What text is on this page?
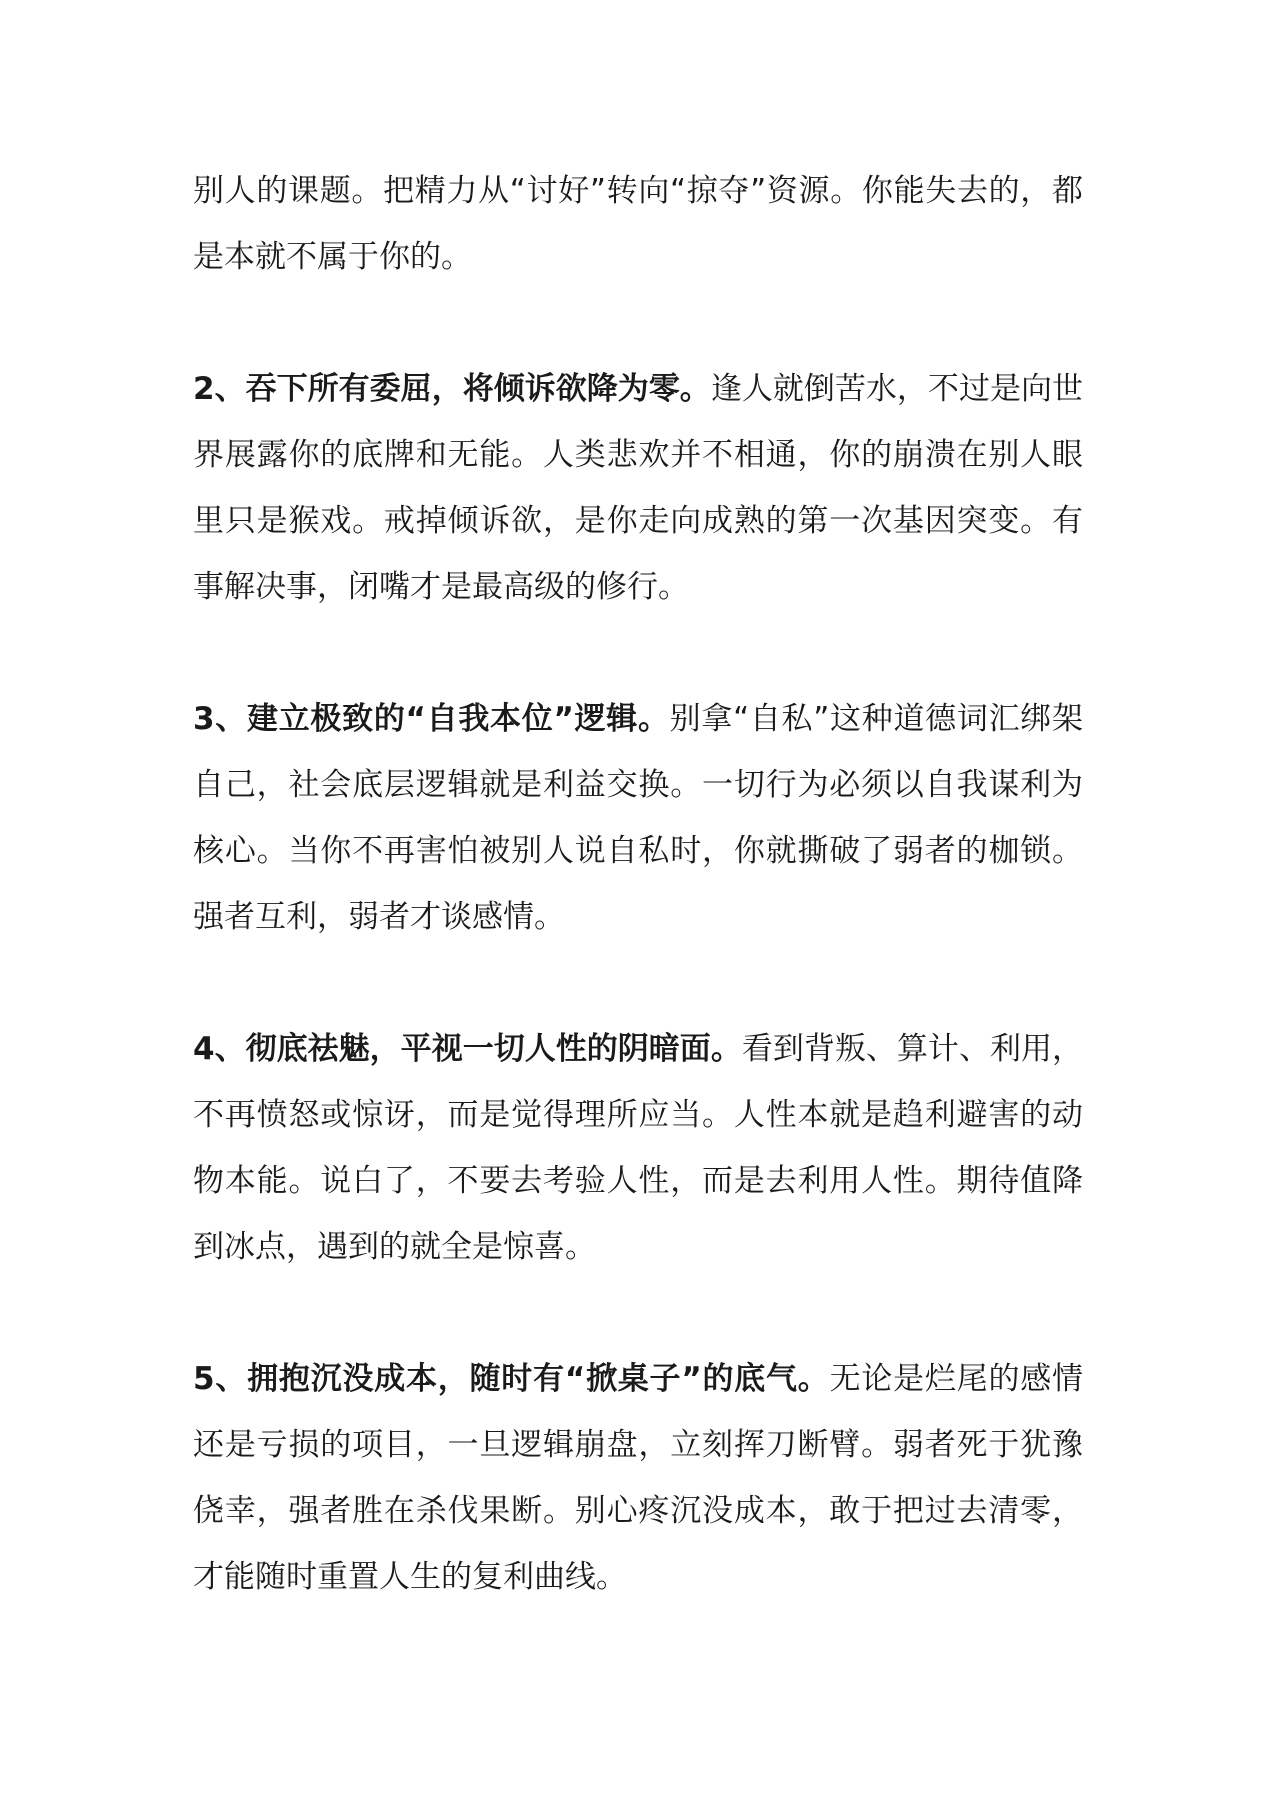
别人的课题。把精力从“讨好”转向“掠夺”资源。你能失去的，都是本就不属于你的。

2、吞下所有委屈，将倾诉欲降为零。逢人就倒苦水，不过是向世界展露你的底牌和无能。人类悲欢并不相通，你的崩溃在别人眼里只是猴戏。戒掉倾诉欲，是你走向成熟的第一次基因突变。有事解决事，闭嘴才是最高级的修行。

3、建立极致的“自我本位”逻辑。别拿“自私”这种道德词汇绑架自己，社会底层逻辑就是利益交换。一切行为必须以自我谋利为核心。当你不再害怕被别人说自私时，你就撕破了弱者的枷锁。强者互利，弱者才谈感情。

4、彻底祛魅，平视一切人性的阴暗面。看到背叛、算计、利用，不再愤怒或惊讶，而是觉得理所应当。人性本就是趋利避害的动物本能。说白了，不要去考验人性，而是去利用人性。期待值降到冰点，遇到的就全是惊喜。

5、拥抱沉没成本，随时有“掀桌子”的底气。无论是烂尾的感情还是亏损的项目，一旦逻辑崩盘，立刻挥刀断臂。弱者死于犹豫侥幸，强者胜在杀伐果断。别心疼沉没成本，敢于把过去清零，才能随时重置人生的复利曲线。
